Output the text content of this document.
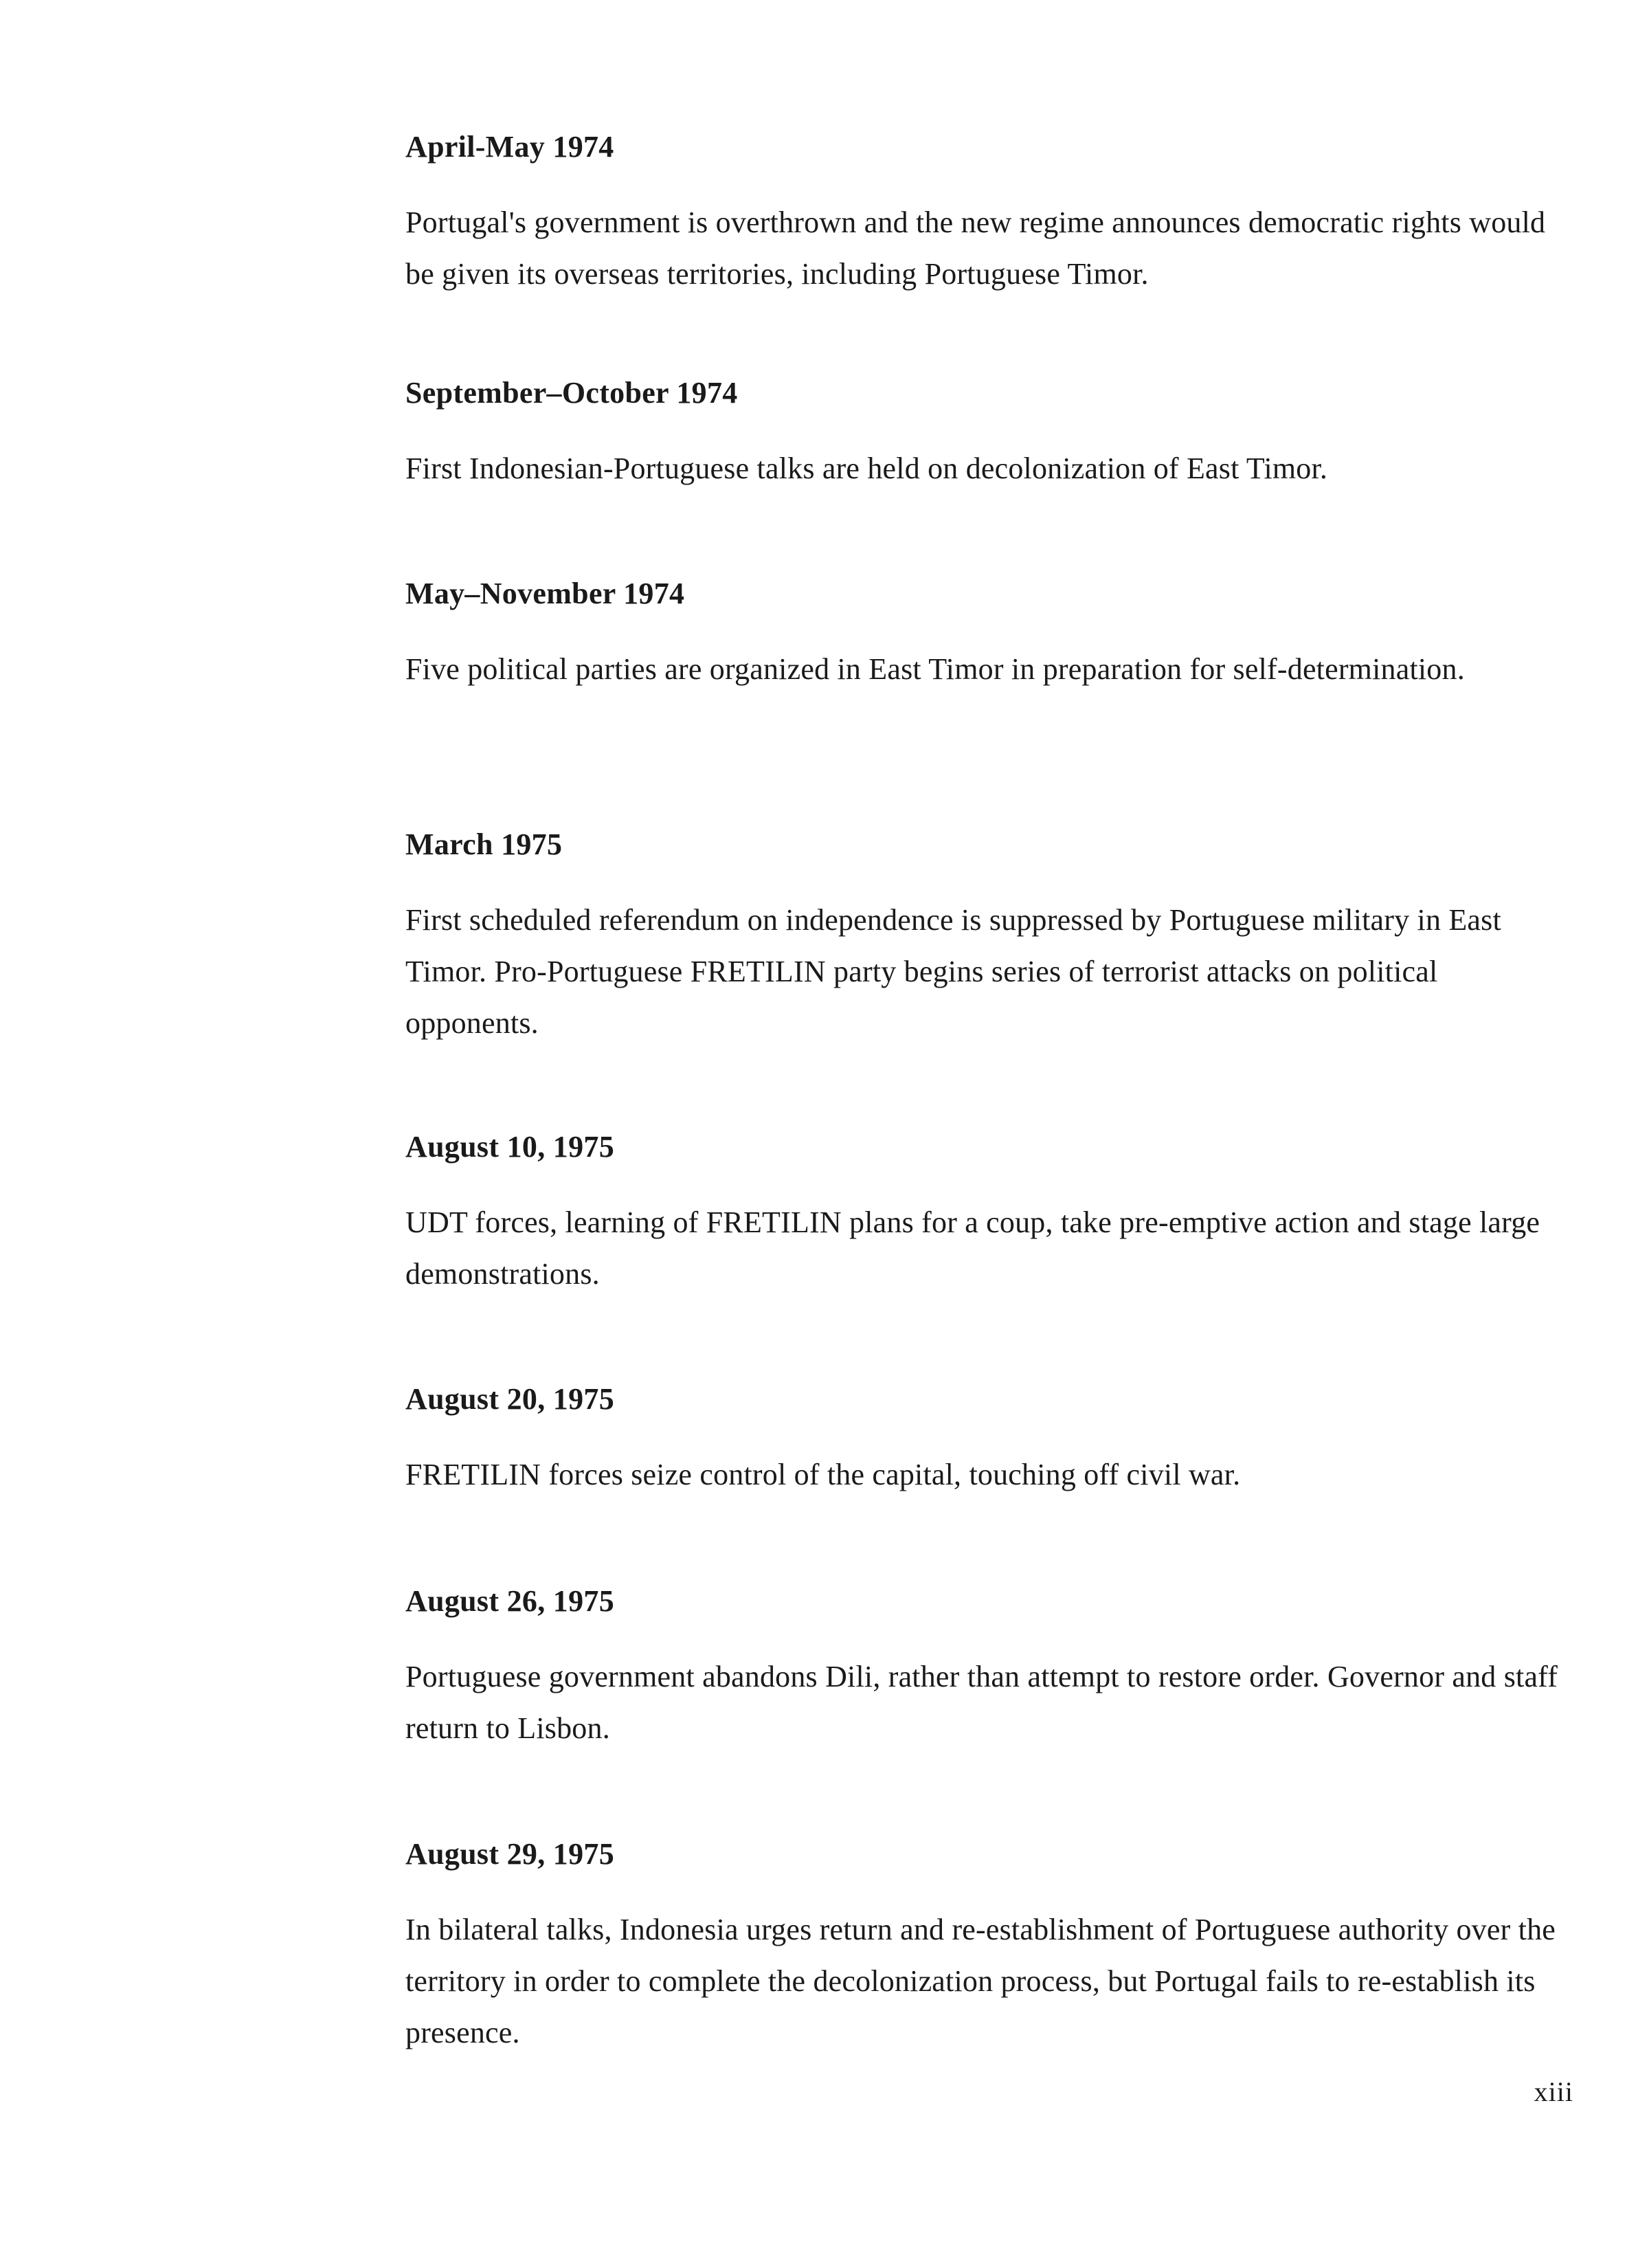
April-May 1974

Portugal's government is overthrown and the new regime announces democratic rights would be given its overseas territories, including Portuguese Timor.

September–October 1974

First Indonesian-Portuguese talks are held on decolonization of East Timor.

May–November 1974

Five political parties are organized in East Timor in preparation for self-determination.

March 1975

First scheduled referendum on independence is suppressed by Portuguese military in East Timor. Pro-Portuguese FRETILIN party begins series of terrorist attacks on political opponents.

August 10, 1975

UDT forces, learning of FRETILIN plans for a coup, take pre-emptive action and stage large demonstrations.

August 20, 1975

FRETILIN forces seize control of the capital, touching off civil war.

August 26, 1975

Portuguese government abandons Dili, rather than attempt to restore order. Governor and staff return to Lisbon.

August 29, 1975

In bilateral talks, Indonesia urges return and re-establishment of Portuguese authority over the territory in order to complete the decolonization process, but Portugal fails to re-establish its presence.

xiii
